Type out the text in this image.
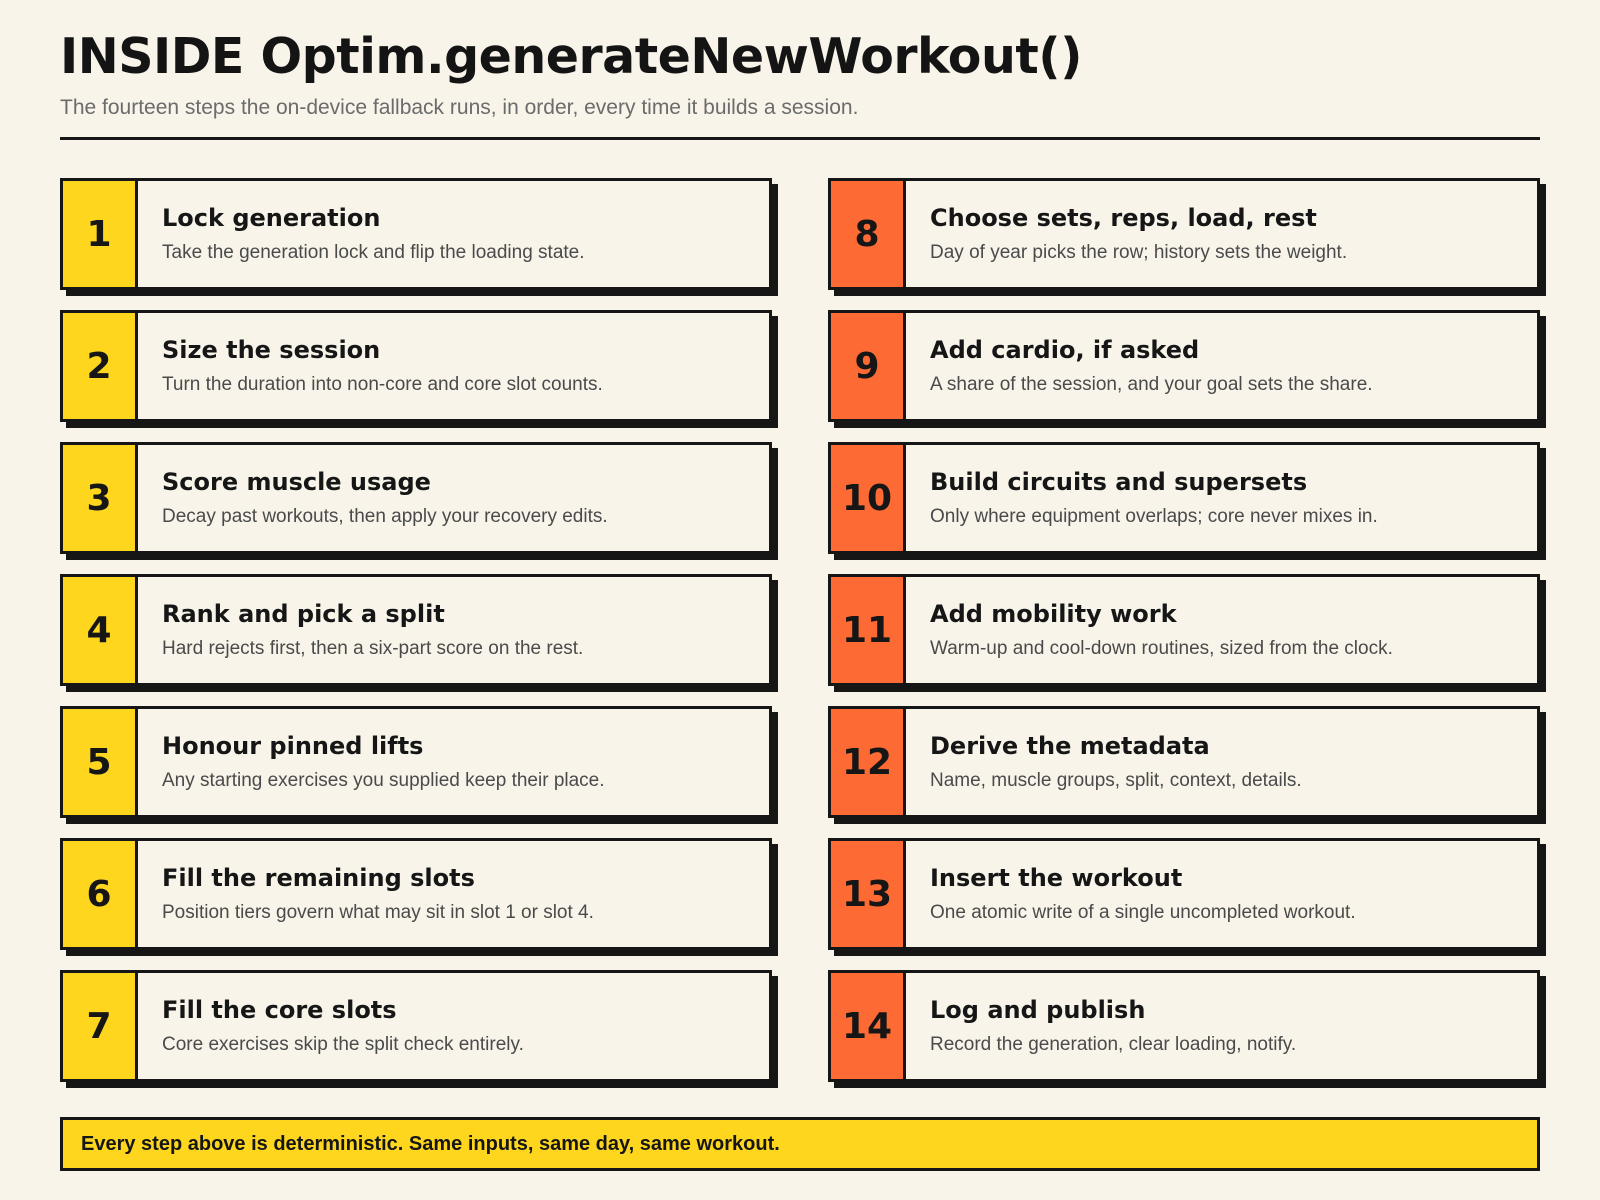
INSIDE Optim.generateNewWorkout()

The fourteen steps the on-device fallback runs, in order, every time it builds a session.

1	Lock generation
Take the generation lock and flip the loading state.
2	Size the session
Turn the duration into non-core and core slot counts.
3	Score muscle usage
Decay past workouts, then apply your recovery edits.
4	Rank and pick a split
Hard rejects first, then a six-part score on the rest.
5	Honour pinned lifts
Any starting exercises you supplied keep their place.
6	Fill the remaining slots
Position tiers govern what may sit in slot 1 or slot 4.
7	Fill the core slots
Core exercises skip the split check entirely.
8	Choose sets, reps, load, rest
Day of year picks the row; history sets the weight.
9	Add cardio, if asked
A share of the session, and your goal sets the share.
10	Build circuits and supersets
Only where equipment overlaps; core never mixes in.
11	Add mobility work
Warm-up and cool-down routines, sized from the clock.
12	Derive the metadata
Name, muscle groups, split, context, details.
13	Insert the workout
One atomic write of a single uncompleted workout.
14	Log and publish
Record the generation, clear loading, notify.
Every step above is deterministic. Same inputs, same day, same workout.
